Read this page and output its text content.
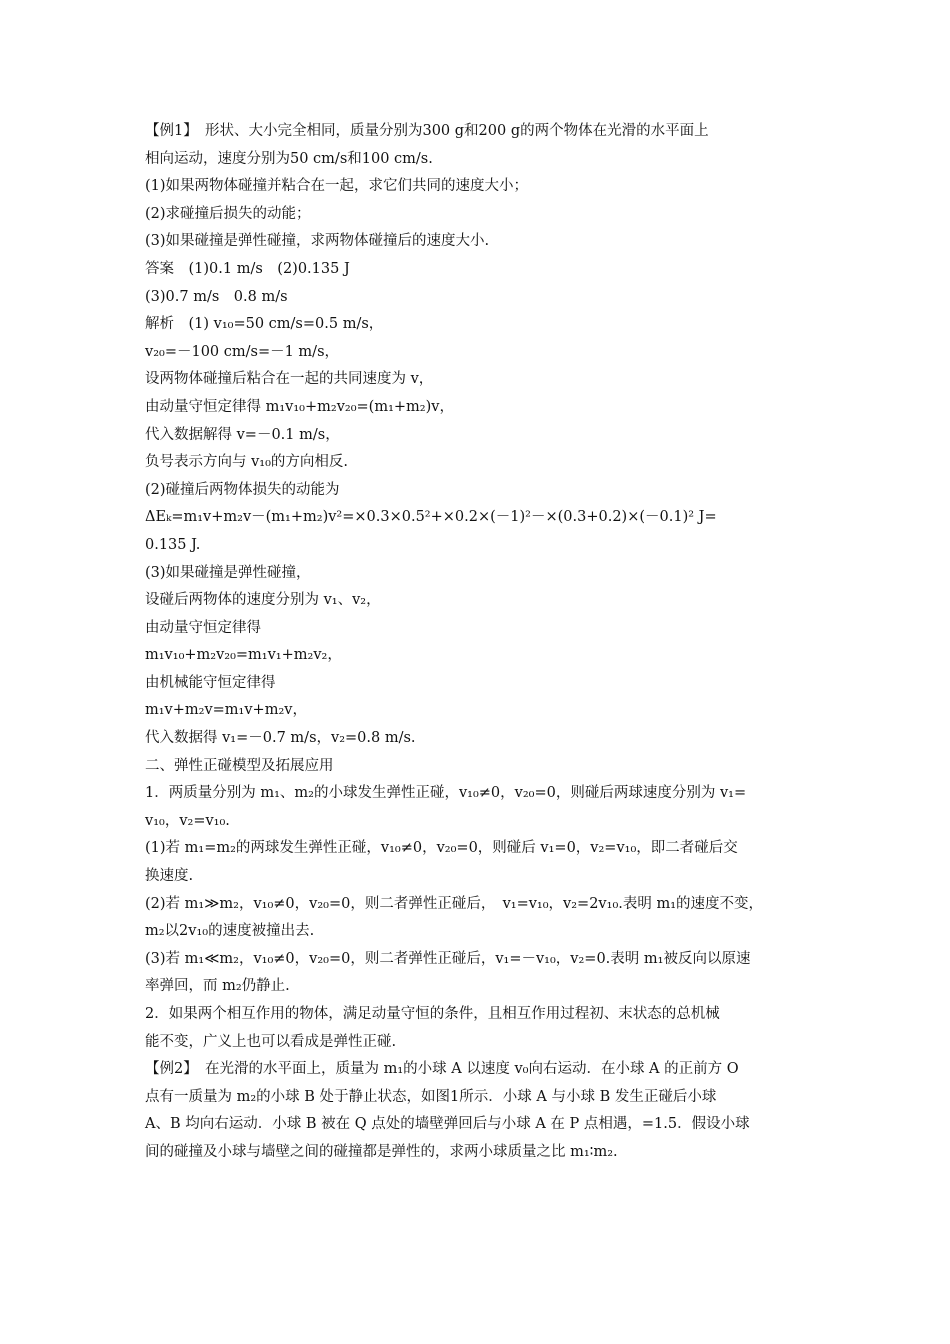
【例1】　形状、大小完全相同，质量分别为300 g和200 g的两个物体在光滑的水平面上
相向运动，速度分别为50 cm/s和100 cm/s.
(1)如果两物体碰撞并粘合在一起，求它们共同的速度大小；
(2)求碰撞后损失的动能；
(3)如果碰撞是弹性碰撞，求两物体碰撞后的速度大小.
答案　(1)0.1 m/s　(2)0.135 J
(3)0.7 m/s　0.8 m/s
解析　(1) v₁₀=50 cm/s=0.5 m/s，
v₂₀=－100 cm/s=－1 m/s，
设两物体碰撞后粘合在一起的共同速度为 v，
由动量守恒定律得 m₁v₁₀+m₂v₂₀=(m₁+m₂)v，
代入数据解得 v=－0.1 m/s，
负号表示方向与 v₁₀的方向相反.
(2)碰撞后两物体损失的动能为
ΔEₖ=m₁v+m₂v－(m₁+m₂)v²=×0.3×0.5²+×0.2×(－1)²－×(0.3+0.2)×(－0.1)² J=
0.135 J.
(3)如果碰撞是弹性碰撞，
设碰后两物体的速度分别为 v₁、v₂，
由动量守恒定律得
m₁v₁₀+m₂v₂₀=m₁v₁+m₂v₂，
由机械能守恒定律得
m₁v+m₂v=m₁v+m₂v，
代入数据得 v₁=－0.7 m/s，v₂=0.8 m/s.
二、弹性正碰模型及拓展应用
1．两质量分别为 m₁、m₂的小球发生弹性正碰，v₁₀≠0，v₂₀=0，则碰后两球速度分别为 v₁=
v₁₀，v₂=v₁₀.
(1)若 m₁=m₂的两球发生弹性正碰，v₁₀≠0，v₂₀=0，则碰后 v₁=0，v₂=v₁₀，即二者碰后交
换速度.
(2)若 m₁≫m₂，v₁₀≠0，v₂₀=0，则二者弹性正碰后，　v₁=v₁₀，v₂=2v₁₀.表明 m₁的速度不变，
m₂以2v₁₀的速度被撞出去.
(3)若 m₁≪m₂，v₁₀≠0，v₂₀=0，则二者弹性正碰后，v₁=－v₁₀，v₂=0.表明 m₁被反向以原速
率弹回，而 m₂仍静止.
2．如果两个相互作用的物体，满足动量守恒的条件，且相互作用过程初、末状态的总机械
能不变，广义上也可以看成是弹性正碰.
【例2】　在光滑的水平面上，质量为 m₁的小球 A 以速度 v₀向右运动．在小球 A 的正前方 O
点有一质量为 m₂的小球 B 处于静止状态，如图1所示．小球 A 与小球 B 发生正碰后小球
A、B 均向右运动．小球 B 被在 Q 点处的墙壁弹回后与小球 A 在 P 点相遇，=1.5．假设小球
间的碰撞及小球与墙壁之间的碰撞都是弹性的，求两小球质量之比 m₁∶m₂.
